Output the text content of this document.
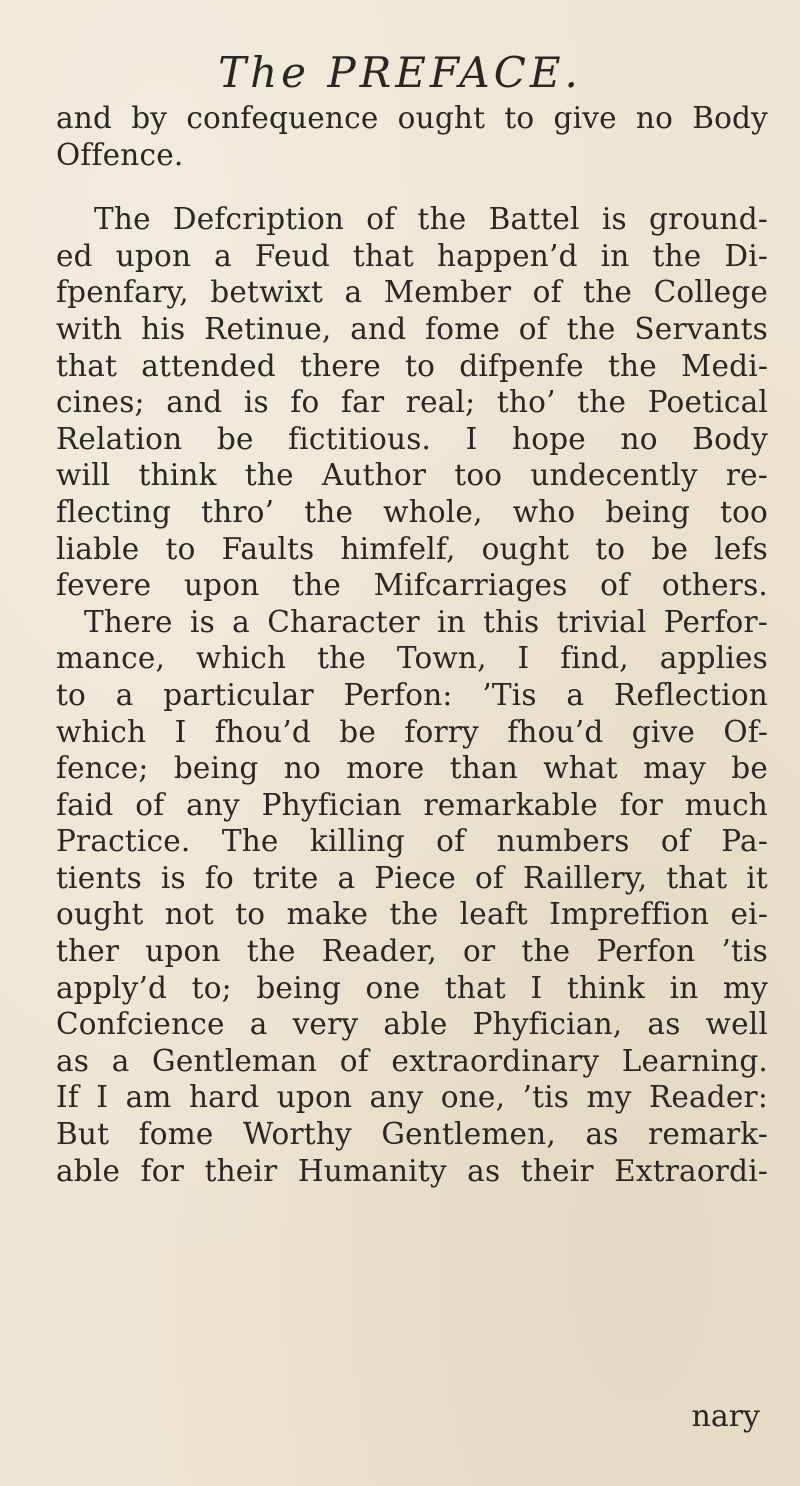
The PREFACE.
and by confequence ought to give no Body
Offence.
The Defcription of the Battel is ground-
ed upon a Feud that happen’d in the Di-
fpenfary, betwixt a Member of the College
with his Retinue, and fome of the Servants
that attended there to difpenfe the Medi-
cines; and is fo far real; tho’ the Poetical
Relation be fictitious. I hope no Body
will think the Author too undecently re-
flecting thro’ the whole, who being too
liable to Faults himfelf, ought to be lefs
fevere upon the Mifcarriages of others.
There is a Character in this trivial Perfor-
mance, which the Town, I find, applies
to a particular Perfon: ’Tis a Reflection
which I fhou’d be forry fhou’d give Of-
fence; being no more than what may be
faid of any Phyfician remarkable for much
Practice. The killing of numbers of Pa-
tients is fo trite a Piece of Raillery, that it
ought not to make the leaft Impreffion ei-
ther upon the Reader, or the Perfon ’tis
apply’d to; being one that I think in my
Confcience a very able Phyfician, as well
as a Gentleman of extraordinary Learning.
If I am hard upon any one, ’tis my Reader:
But fome Worthy Gentlemen, as remark-
able for their Humanity as their Extraordi-
nary
